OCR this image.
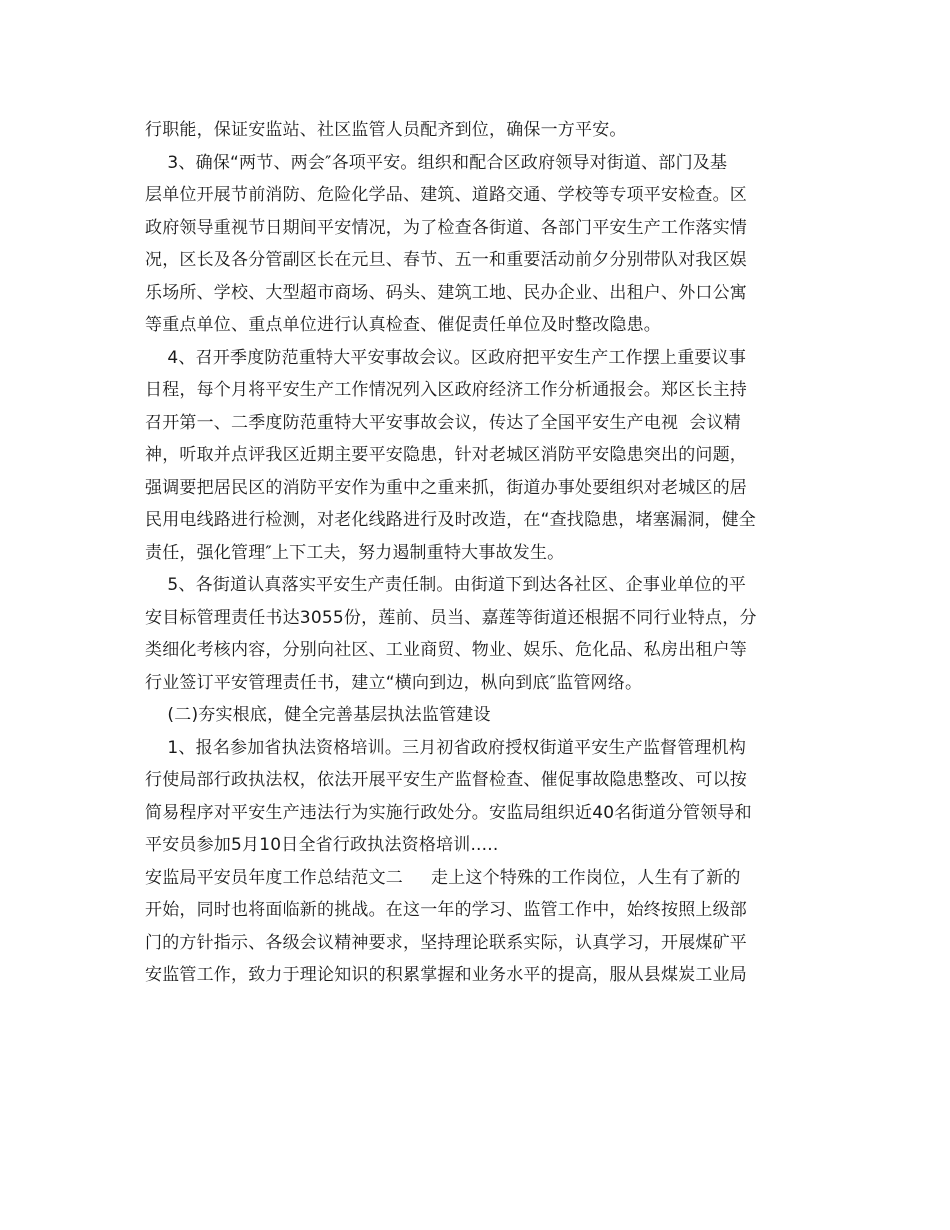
行职能，保证安监站、社区监管人员配齐到位，确保一方平安。
3、确保“两节、两会″各项平安。组织和配合区政府领导对街道、部门及基
层单位开展节前消防、危险化学品、建筑、道路交通、学校等专项平安检查。区
政府领导重视节日期间平安情况，为了检查各街道、各部门平安生产工作落实情
况，区长及各分管副区长在元旦、春节、五一和重要活动前夕分别带队对我区娱
乐场所、学校、大型超市商场、码头、建筑工地、民办企业、出租户、外口公寓
等重点单位、重点单位进行认真检查、催促责任单位及时整改隐患。
4、召开季度防范重特大平安事故会议。区政府把平安生产工作摆上重要议事
日程，每个月将平安生产工作情况列入区政府经济工作分析通报会。郑区长主持
召开第一、二季度防范重特大平安事故会议，传达了全国平安生产电视  会议精
神，听取并点评我区近期主要平安隐患，针对老城区消防平安隐患突出的问题，
强调要把居民区的消防平安作为重中之重来抓，街道办事处要组织对老城区的居
民用电线路进行检测，对老化线路进行及时改造，在“查找隐患，堵塞漏洞，健全
责任，强化管理″上下工夫，努力遏制重特大事故发生。
5、各街道认真落实平安生产责任制。由街道下到达各社区、企事业单位的平
安目标管理责任书达3055份，莲前、员当、嘉莲等街道还根据不同行业特点，分
类细化考核内容，分别向社区、工业商贸、物业、娱乐、危化品、私房出租户等
行业签订平安管理责任书，建立“横向到边，枞向到底″监管网络。
(二)夯实根底，健全完善基层执法监管建设
1、报名参加省执法资格培训。三月初省政府授权街道平安生产监督管理机构
行使局部行政执法权，依法开展平安生产监督检查、催促事故隐患整改、可以按
简易程序对平安生产违法行为实施行政处分。安监局组织近40名街道分管领导和
平安员参加5月10日全省行政执法资格培训.....
安监局平安员年度工作总结范文二     走上这个特殊的工作岗位，人生有了新的
开始，同时也将面临新的挑战。在这一年的学习、监管工作中，始终按照上级部
门的方针指示、各级会议精神要求，坚持理论联系实际，认真学习，开展煤矿平
安监管工作，致力于理论知识的积累掌握和业务水平的提高，服从县煤炭工业局
